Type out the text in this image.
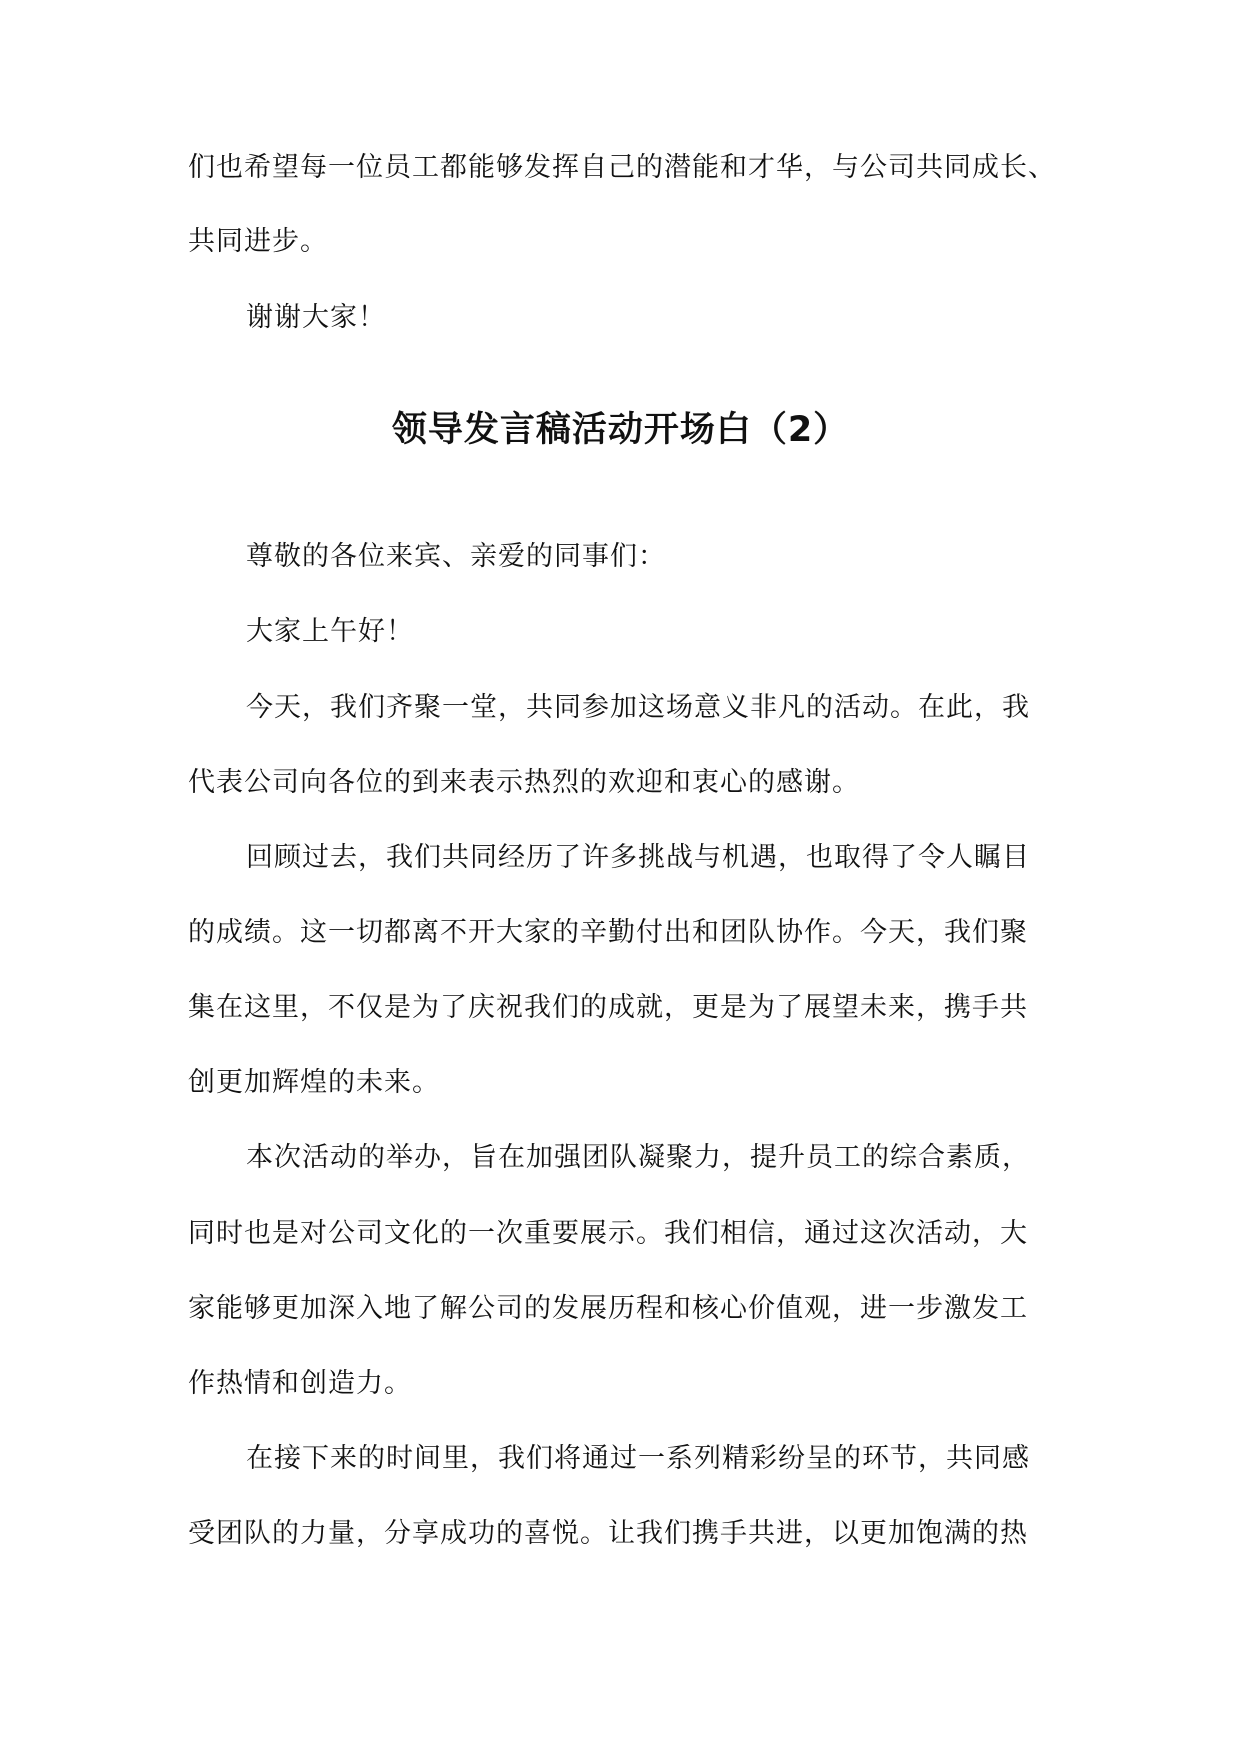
们也希望每一位员工都能够发挥自己的潜能和才华，与公司共同成长、
共同进步。
谢谢大家！
领导发言稿活动开场白（2）
尊敬的各位来宾、亲爱的同事们：
大家上午好！
今天，我们齐聚一堂，共同参加这场意义非凡的活动。在此，我
代表公司向各位的到来表示热烈的欢迎和衷心的感谢。
回顾过去，我们共同经历了许多挑战与机遇，也取得了令人瞩目
的成绩。这一切都离不开大家的辛勤付出和团队协作。今天，我们聚
集在这里，不仅是为了庆祝我们的成就，更是为了展望未来，携手共
创更加辉煌的未来。
本次活动的举办，旨在加强团队凝聚力，提升员工的综合素质，
同时也是对公司文化的一次重要展示。我们相信，通过这次活动，大
家能够更加深入地了解公司的发展历程和核心价值观，进一步激发工
作热情和创造力。
在接下来的时间里，我们将通过一系列精彩纷呈的环节，共同感
受团队的力量，分享成功的喜悦。让我们携手共进，以更加饱满的热
